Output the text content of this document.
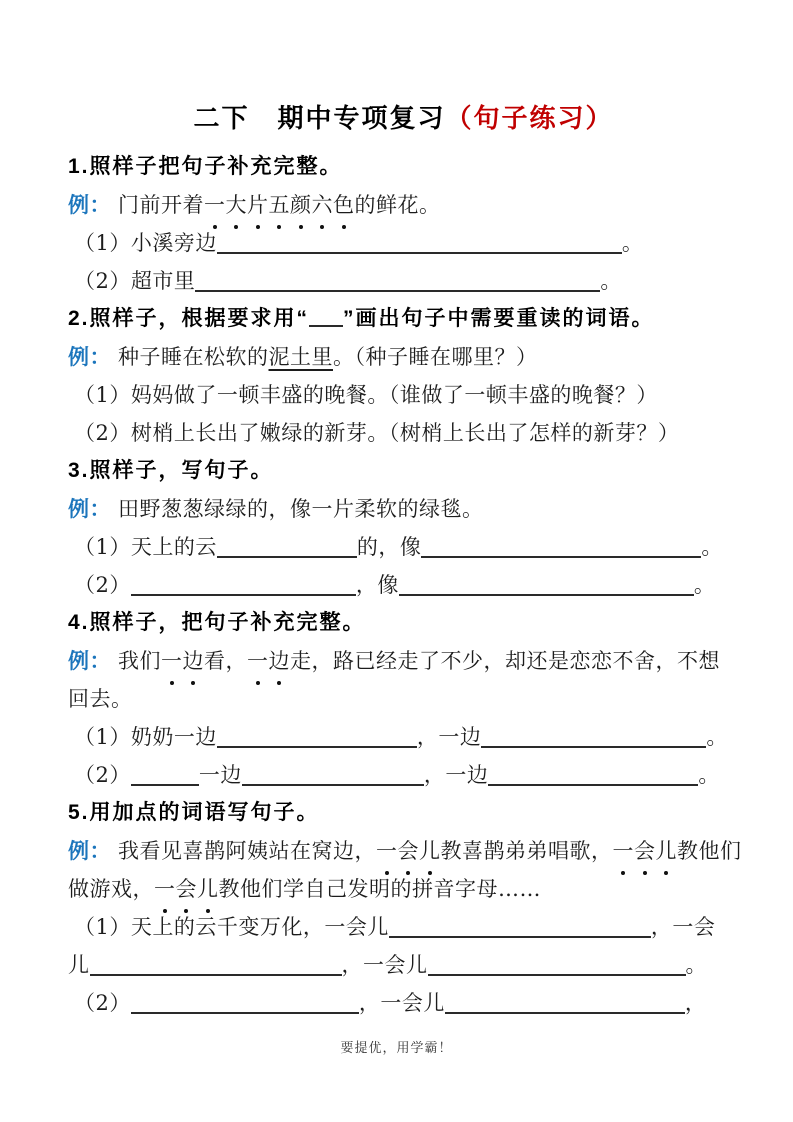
二下　期中专项复习（句子练习）
1.照样子把句子补充完整。
例： 门前开着一大片五颜六色的鲜花。
（1）小溪旁边	。
（2）超市里	。
2.照样子，根据要求用“ ”画出句子中需要重读的词语。
例： 种子睡在松软的泥土里。（种子睡在哪里？）
（1）妈妈做了一顿丰盛的晚餐。（谁做了一顿丰盛的晚餐？）
（2）树梢上长出了嫩绿的新芽。（树梢上长出了怎样的新芽？）
3.照样子，写句子。
例： 田野葱葱绿绿的，像一片柔软的绿毯。
（1）天上的云	的，像	。
（2）	，像	。
4.照样子，把句子补充完整。
例： 我们一边看，一边走，路已经走了不少，却还是恋恋不舍，不想
回去。
（1）奶奶一边	，一边	。
（2）	一边	，一边	。
5.用加点的词语写句子。
例： 我看见喜鹊阿姨站在窝边，一会儿教喜鹊弟弟唱歌，一会儿教他们
做游戏，一会儿教他们学自己发明的拼音字母……
（1）天上的云千变万化，一会儿	，一会
儿	，一会儿	。
（2）	，一会儿	，
要提优，用学霸！
